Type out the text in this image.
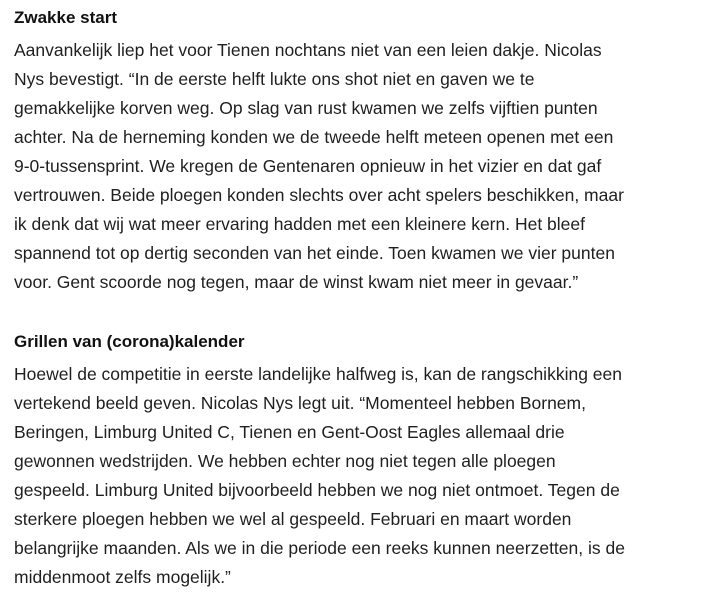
Zwakke start

Aanvankelijk liep het voor Tienen nochtans niet van een leien dakje. Nicolas
Nys bevestigt. “In de eerste helft lukte ons shot niet en gaven we te
gemakkelijke korven weg. Op slag van rust kwamen we zelfs vijftien punten
achter. Na de herneming konden we de tweede helft meteen openen met een
9-0-tussensprint. We kregen de Gentenaren opnieuw in het vizier en dat gaf
vertrouwen. Beide ploegen konden slechts over acht spelers beschikken, maar
ik denk dat wij wat meer ervaring hadden met een kleinere kern. Het bleef
spannend tot op dertig seconden van het einde. Toen kwamen we vier punten
voor. Gent scoorde nog tegen, maar de winst kwam niet meer in gevaar.”

Grillen van (corona)kalender

Hoewel de competitie in eerste landelijke halfweg is, kan de rangschikking een
vertekend beeld geven. Nicolas Nys legt uit. “Momenteel hebben Bornem,
Beringen, Limburg United C, Tienen en Gent-Oost Eagles allemaal drie
gewonnen wedstrijden. We hebben echter nog niet tegen alle ploegen
gespeeld. Limburg United bijvoorbeeld hebben we nog niet ontmoet. Tegen de
sterkere ploegen hebben we wel al gespeeld. Februari en maart worden
belangrijke maanden. Als we in die periode een reeks kunnen neerzetten, is de
middenmoot zelfs mogelijk.”
